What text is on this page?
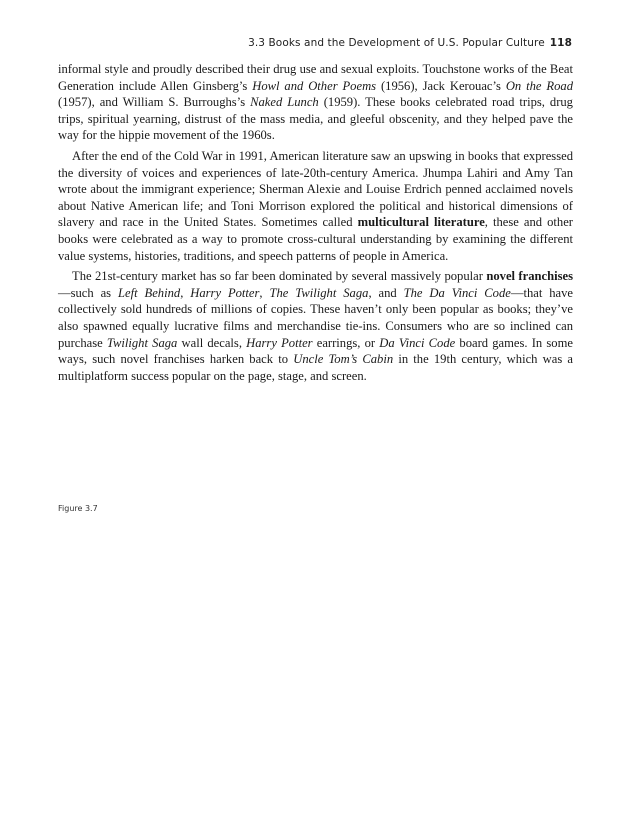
3.3 Books and the Development of U.S. Popular Culture 118

informal style and proudly described their drug use and sexual exploits. Touchstone works of the Beat Generation include Allen Ginsberg’s Howl and Other Poems (1956), Jack Kerouac’s On the Road (1957), and William S. Burroughs’s Naked Lunch (1959). These books celebrated road trips, drug trips, spiritual yearning, distrust of the mass media, and gleeful obscenity, and they helped pave the way for the hippie movement of the 1960s.

After the end of the Cold War in 1991, American literature saw an upswing in books that expressed the diversity of voices and experiences of late-20th-century America. Jhumpa Lahiri and Amy Tan wrote about the immigrant experience; Sherman Alexie and Louise Erdrich penned acclaimed novels about Native American life; and Toni Morrison explored the political and historical dimensions of slavery and race in the United States. Sometimes called multicultural literature, these and other books were celebrated as a way to promote cross-cultural understanding by examining the different value systems, histories, traditions, and speech patterns of people in America.

The 21st-century market has so far been dominated by several massively popular novel franchises—such as Left Behind, Harry Potter, The Twilight Saga, and The Da Vinci Code—that have collectively sold hundreds of millions of copies. These haven’t only been popular as books; they’ve also spawned equally lucrative films and merchandise tie-ins. Consumers who are so inclined can purchase Twilight Saga wall decals, Harry Potter earrings, or Da Vinci Code board games. In some ways, such novel franchises harken back to Uncle Tom’s Cabin in the 19th century, which was a multiplatform success popular on the page, stage, and screen.

Figure 3.7
